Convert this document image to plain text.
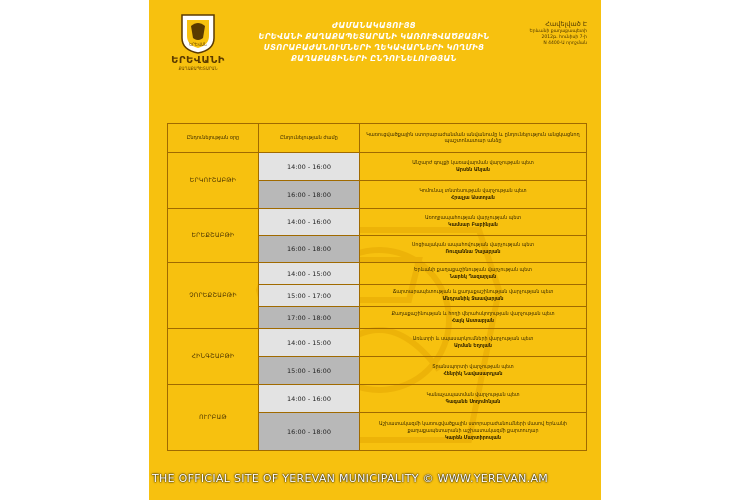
ԵՐԵՎԱՆ
ԵՐԵՎԱՆԻ
ՔԱՂԱՔԱՊԵՏԱՐԱՆ
ԺԱՄԱՆԱԿԱՑՈՒՅՑ
ԵՐԵՎԱՆԻ ՔԱՂԱՔԱՊԵՏԱՐԱՆԻ ԿԱՌՈՒՑՎԱԾՔԱՅԻՆ
ՍՏՈՐԱԲԱԺԱՆՈՒՄՆԵՐԻ ՂԵԿԱՎԱՐՆԵՐԻ ԿՈՂՄԻՑ
ՔԱՂԱՔԱՑԻՆԵՐԻ ԸՆԴՈՒՆԵԼՈՒԹՅԱՆ
Հավելված Է
Երևանի քաղաքապետի
2012թ. հունիսի 7-ի
N 4400-Ա որոշման
Ընդունելության օրը	Ընդունելության ժամը	Կառուցվածքային ստորաբաժանման անվանումը և ընդունելություն անցկացնող պաշտոնատար անձը
ԵՐԿՈՒՇԱԲԹԻ	14:00 - 16:00	Անշարժ գույքի կառավարման վարչության պետ
Արսեն Անյան

	16:00 - 18:00	Կոմունալ տնտեսության վարչության պետ
Հրաչյա Աստոյան

ԵՐԵՔՇԱԲԹԻ	14:00 - 16:00	Առողջապահության վարչության պետ
Կամսար Բաբինյան

	16:00 - 18:00	Սոցիալական ապահովության վարչության պետ
Ռուզաննա Չալաբյան

ՉՈՐԵՔՇԱԲԹԻ	14:00 - 15:00	Երևանի քաղաքաշինության վարչության պետ
Նարեկ Ղազարյան

	15:00 - 17:00	Ճարտարապետության և քաղաքաշինության վարչության պետ
Անդրանիկ Ջաավարյան

	17:00 - 18:00	Քաղաքաշինության և հողի վերահսկողության վարչության պետ
Հայկ Աստաբյան

ՀԻՆԳՇԱԲԹԻ	14:00 - 15:00	Առևտրի և սպասարկումների վարչության պետ
Արման Եղոյան

	15:00 - 16:00	Տրանսպորտի վարչության պետ
Հենրիկ Նավասարդյան

ՈՒՐԲԱԹ	14:00 - 16:00	Կանաչապատման վարչության պետ
Գագանե Սողոմոնյան

	16:00 - 18:00	Աշխատակազմի կառուցվածքային ստորաբաժանումների մասով Երևանի քաղաքապետարանի աշխատակազմի քարտուղար
Կարեն Մարտիրոսյան
THE OFFICIAL SITE OF YEREVAN MUNICIPALITY © WWW.YEREVAN.AM
